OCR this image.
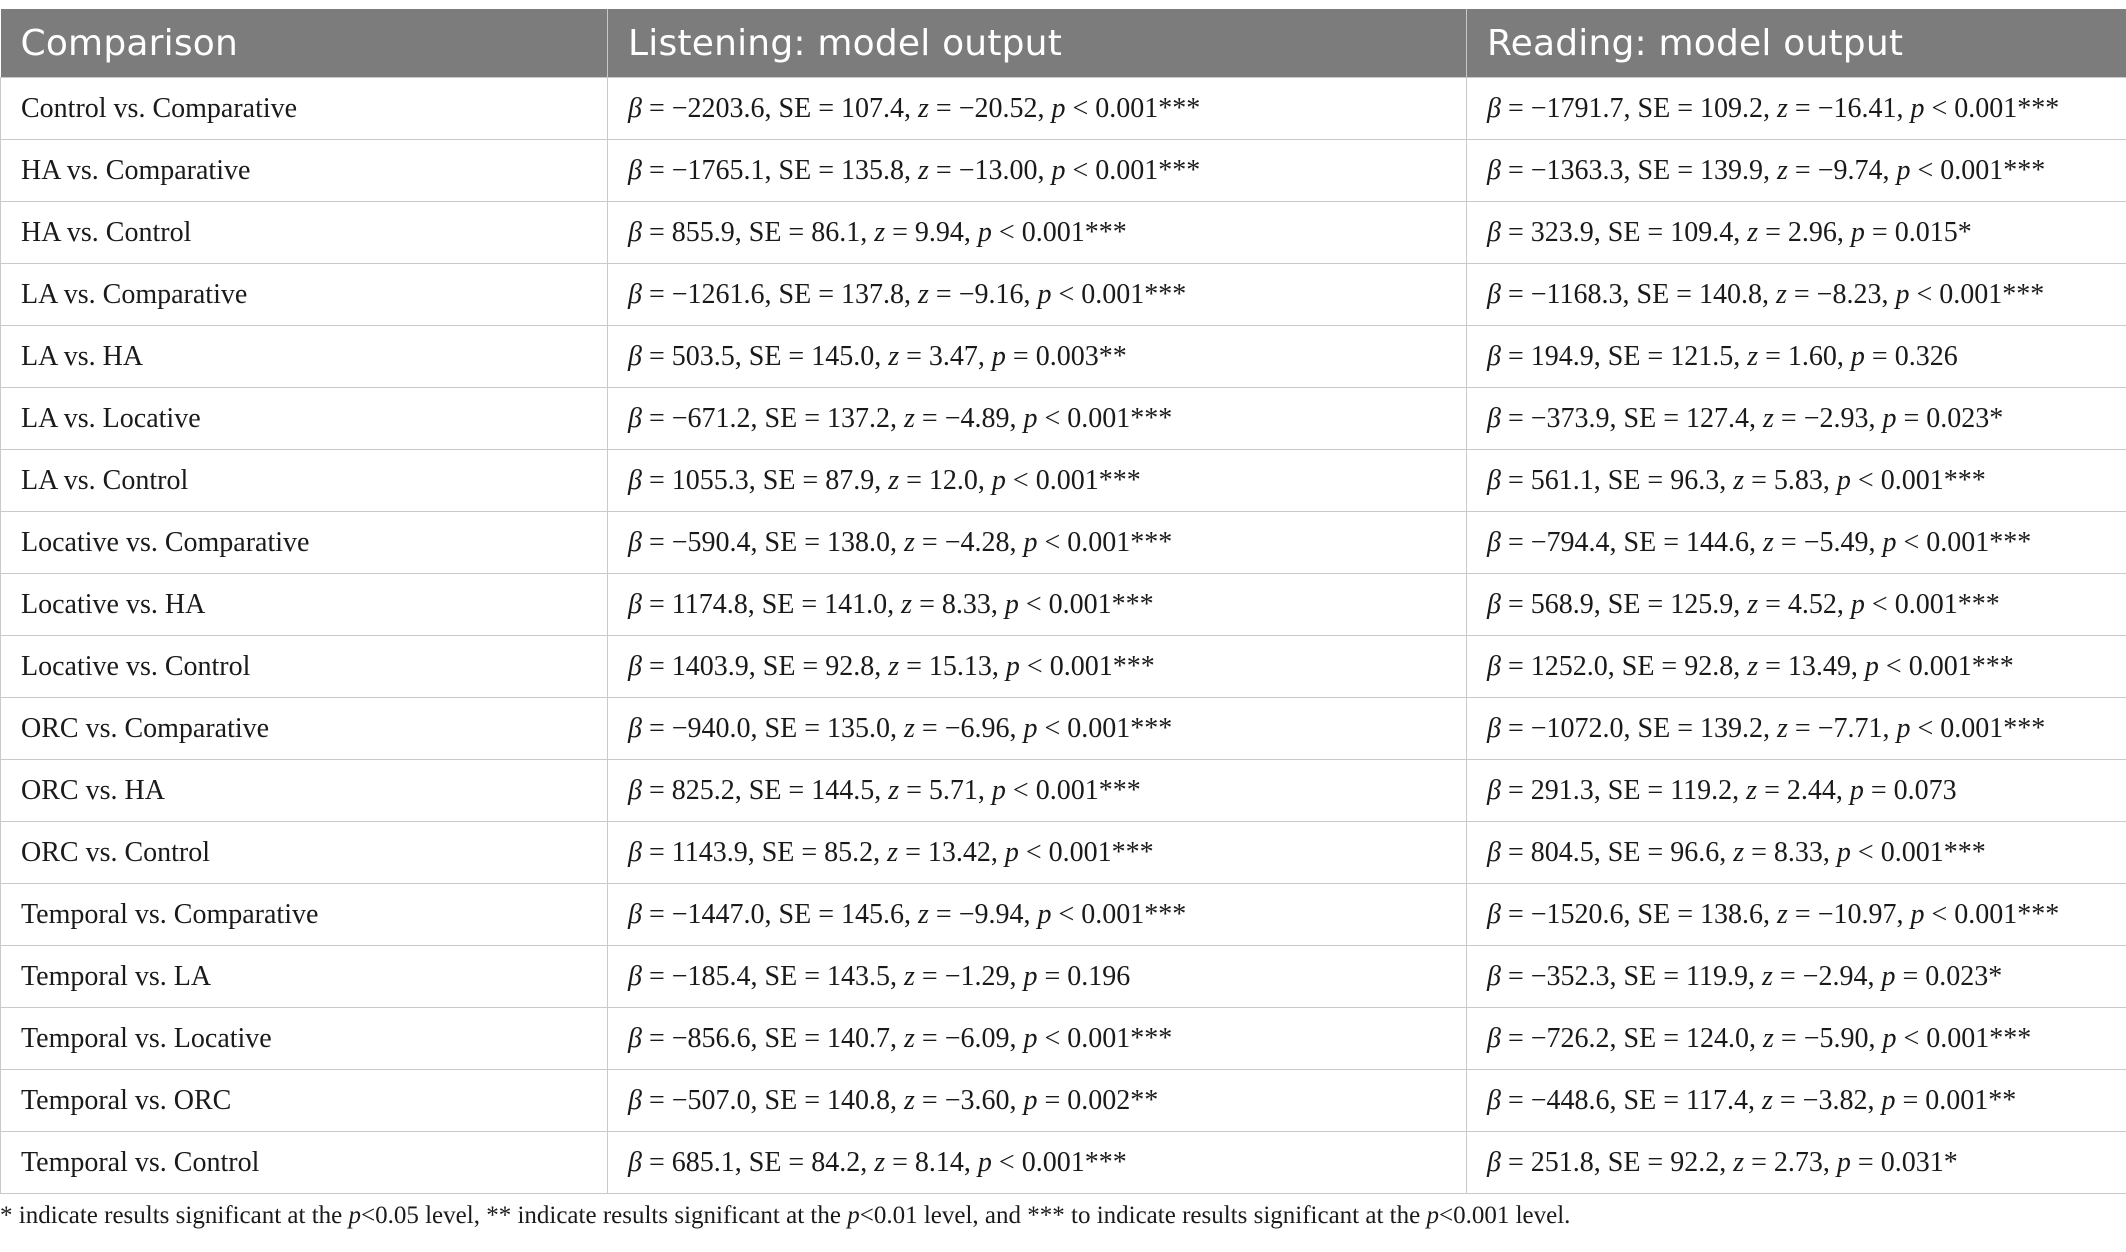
Comparison	Listening: model output	Reading: model output
Control vs. Comparative	β = −2203.6, SE = 107.4, z = −20.52, p < 0.001***	β = −1791.7, SE = 109.2, z = −16.41, p < 0.001***
HA vs. Comparative	β = −1765.1, SE = 135.8, z = −13.00, p < 0.001***	β = −1363.3, SE = 139.9, z = −9.74, p < 0.001***
HA vs. Control	β = 855.9, SE = 86.1, z = 9.94, p < 0.001***	β = 323.9, SE = 109.4, z = 2.96, p = 0.015*
LA vs. Comparative	β = −1261.6, SE = 137.8, z = −9.16, p < 0.001***	β = −1168.3, SE = 140.8, z = −8.23, p < 0.001***
LA vs. HA	β = 503.5, SE = 145.0, z = 3.47, p = 0.003**	β = 194.9, SE = 121.5, z = 1.60, p = 0.326
LA vs. Locative	β = −671.2, SE = 137.2, z = −4.89, p < 0.001***	β = −373.9, SE = 127.4, z = −2.93, p = 0.023*
LA vs. Control	β = 1055.3, SE = 87.9, z = 12.0, p < 0.001***	β = 561.1, SE = 96.3, z = 5.83, p < 0.001***
Locative vs. Comparative	β = −590.4, SE = 138.0, z = −4.28, p < 0.001***	β = −794.4, SE = 144.6, z = −5.49, p < 0.001***
Locative vs. HA	β = 1174.8, SE = 141.0, z = 8.33, p < 0.001***	β = 568.9, SE = 125.9, z = 4.52, p < 0.001***
Locative vs. Control	β = 1403.9, SE = 92.8, z = 15.13, p < 0.001***	β = 1252.0, SE = 92.8, z = 13.49, p < 0.001***
ORC vs. Comparative	β = −940.0, SE = 135.0, z = −6.96, p < 0.001***	β = −1072.0, SE = 139.2, z = −7.71, p < 0.001***
ORC vs. HA	β = 825.2, SE = 144.5, z = 5.71, p < 0.001***	β = 291.3, SE = 119.2, z = 2.44, p = 0.073
ORC vs. Control	β = 1143.9, SE = 85.2, z = 13.42, p < 0.001***	β = 804.5, SE = 96.6, z = 8.33, p < 0.001***
Temporal vs. Comparative	β = −1447.0, SE = 145.6, z = −9.94, p < 0.001***	β = −1520.6, SE = 138.6, z = −10.97, p < 0.001***
Temporal vs. LA	β = −185.4, SE = 143.5, z = −1.29, p = 0.196	β = −352.3, SE = 119.9, z = −2.94, p = 0.023*
Temporal vs. Locative	β = −856.6, SE = 140.7, z = −6.09, p < 0.001***	β = −726.2, SE = 124.0, z = −5.90, p < 0.001***
Temporal vs. ORC	β = −507.0, SE = 140.8, z = −3.60, p = 0.002**	β = −448.6, SE = 117.4, z = −3.82, p = 0.001**
Temporal vs. Control	β = 685.1, SE = 84.2, z = 8.14, p < 0.001***	β = 251.8, SE = 92.2, z = 2.73, p = 0.031*
* indicate results significant at the p<0.05 level, ** indicate results significant at the p<0.01 level, and *** to indicate results significant at the p<0.001 level.
